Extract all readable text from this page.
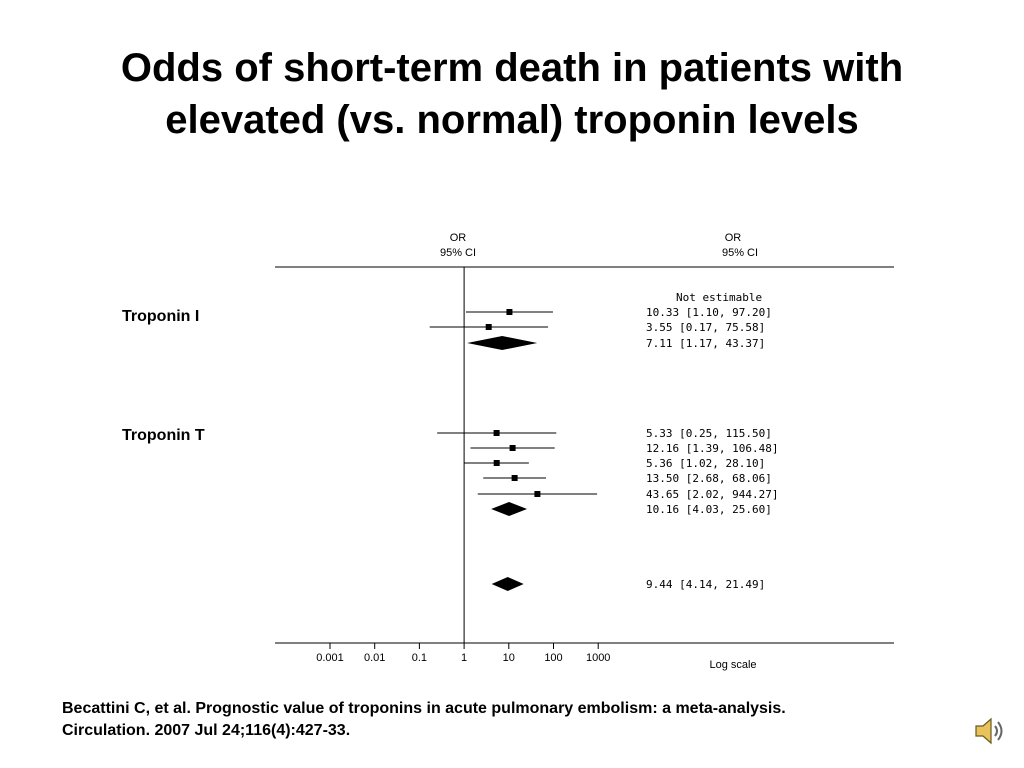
Odds of short-term death in patients with
elevated (vs. normal) troponin levels
Troponin I
Troponin T
OR
95% CI
OR
95% CI
0.001 0.01 0.1	1	10	100 1000
Log scale
Not estimable
10.33 [1.10, 97.20]
3.55 [0.17, 75.58]
7.11 [1.17, 43.37]
5.33 [0.25, 115.50]
12.16 [1.39, 106.48]
5.36 [1.02, 28.10]
13.50 [2.68, 68.06]
43.65 [2.02, 944.27]
10.16 [4.03, 25.60]
9.44 [4.14, 21.49]
Becattini C, et al. Prognostic value of troponins in acute pulmonary embolism: a meta-analysis.
Circulation. 2007 Jul 24;116(4):427-33.
